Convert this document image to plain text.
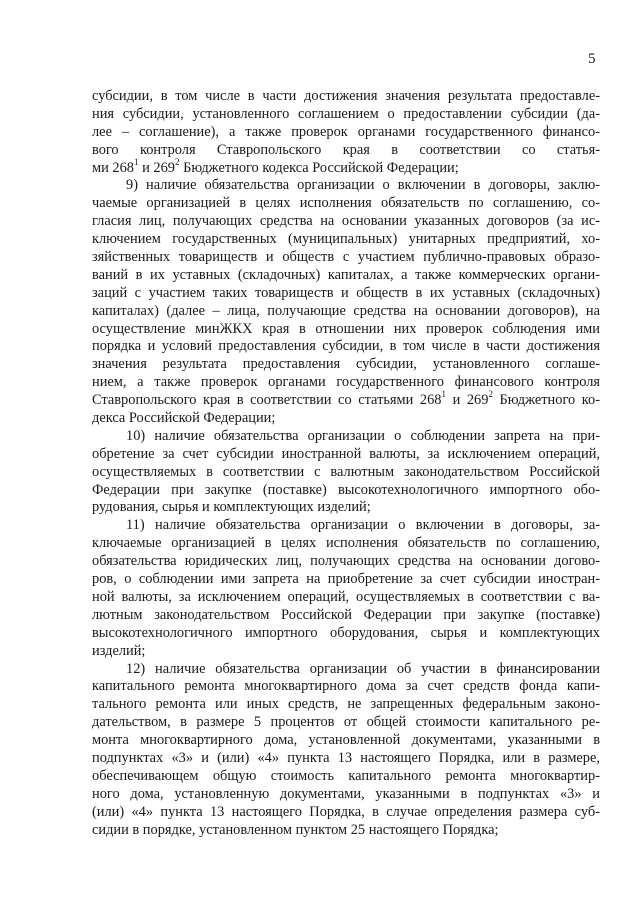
5
субсидии, в том числе в части достижения значения результата предоставле-
ния субсидии, установленного соглашением о предоставлении субсидии (да-
лее – соглашение), а также проверок органами государственного финансо-
вого контроля Ставропольского края в соответствии со статья-
ми $268^1$ и $269^2$ Бюджетного кодекса Российской Федерации;
9) наличие обязательства организации о включении в договоры, заклю-
чаемые организацией в целях исполнения обязательств по соглашению, со-
гласия лиц, получающих средства на основании указанных договоров (за ис-
ключением государственных (муниципальных) унитарных предприятий, хо-
зяйственных товариществ и обществ с участием публично-правовых образо-
ваний в их уставных (складочных) капиталах, а также коммерческих органи-
заций с участием таких товариществ и обществ в их уставных (складочных)
капиталах) (далее – лица, получающие средства на основании договоров), на
осуществление минЖКХ края в отношении них проверок соблюдения ими
порядка и условий предоставления субсидии, в том числе в части достижения
значения результата предоставления субсидии, установленного соглаше-
нием, а также проверок органами государственного финансового контроля
Ставропольского края в соответствии со статьями $268^1$ и $269^2$ Бюджетного ко-
декса Российской Федерации;
10) наличие обязательства организации о соблюдении запрета на при-
обретение за счет субсидии иностранной валюты, за исключением операций,
осуществляемых в соответствии с валютным законодательством Российской
Федерации при закупке (поставке) высокотехнологичного импортного обо-
рудования, сырья и комплектующих изделий;
11) наличие обязательства организации о включении в договоры, за-
ключаемые организацией в целях исполнения обязательств по соглашению,
обязательства юридических лиц, получающих средства на основании догово-
ров, о соблюдении ими запрета на приобретение за счет субсидии иностран-
ной валюты, за исключением операций, осуществляемых в соответствии с ва-
лютным законодательством Российской Федерации при закупке (поставке)
высокотехнологичного импортного оборудования, сырья и комплектующих
изделий;
12) наличие обязательства организации об участии в финансировании
капитального ремонта многоквартирного дома за счет средств фонда капи-
тального ремонта или иных средств, не запрещенных федеральным законо-
дательством, в размере 5 процентов от общей стоимости капитального ре-
монта многоквартирного дома, установленной документами, указанными в
подпунктах «3» и (или) «4» пункта 13 настоящего Порядка, или в размере,
обеспечивающем общую стоимость капитального ремонта многоквартир-
ного дома, установленную документами, указанными в подпунктах «3» и
(или) «4» пункта 13 настоящего Порядка, в случае определения размера суб-
сидии в порядке, установленном пунктом 25 настоящего Порядка;
